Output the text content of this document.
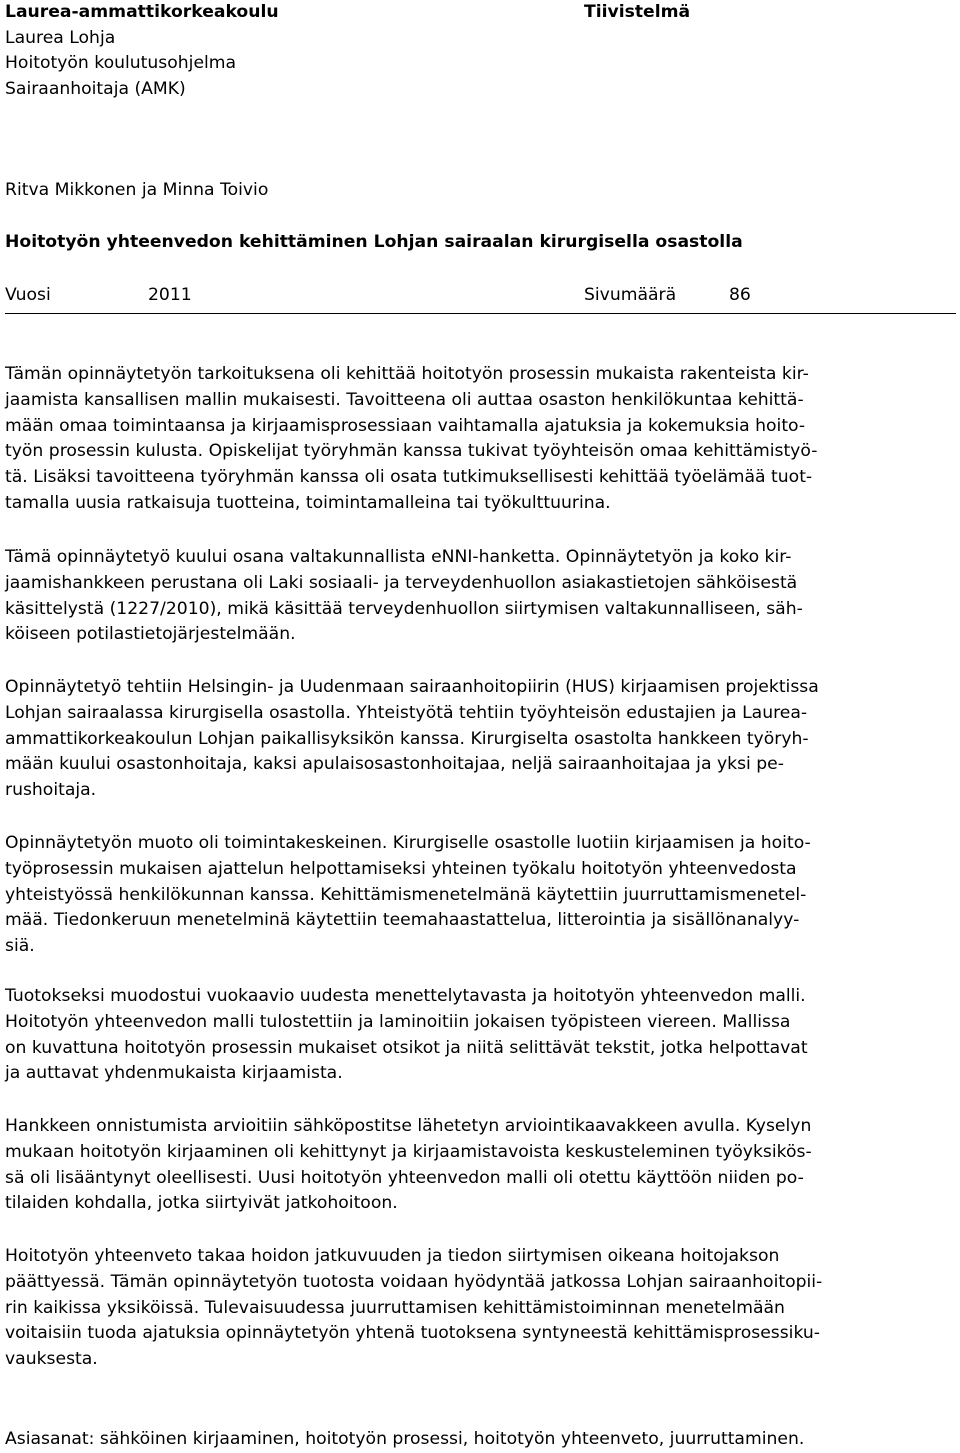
Laurea-ammattikorkeakoulu
Laurea Lohja
Hoitotyön koulutusohjelma
Sairaanhoitaja (AMK)
Tiivistelmä
Ritva Mikkonen ja Minna Toivio
Hoitotyön yhteenvedon kehittäminen Lohjan sairaalan kirurgisella osastolla
Vuosi	2011	Sivumäärä	86

Tämän opinnäytetyön tarkoituksena oli kehittää hoitotyön prosessin mukaista rakenteista kir-
jaamista kansallisen mallin mukaisesti. Tavoitteena oli auttaa osaston henkilökuntaa kehittä-
mään omaa toimintaansa ja kirjaamisprosessiaan vaihtamalla ajatuksia ja kokemuksia hoito-
työn prosessin kulusta. Opiskelijat työryhmän kanssa tukivat työyhteisön omaa kehittämistyö-
tä. Lisäksi tavoitteena työryhmän kanssa oli osata tutkimuksellisesti kehittää työelämää tuot-
tamalla uusia ratkaisuja tuotteina, toimintamalleina tai työkulttuurina.

Tämä opinnäytetyö kuului osana valtakunnallista eNNI-hanketta. Opinnäytetyön ja koko kir-
jaamishankkeen perustana oli Laki sosiaali- ja terveydenhuollon asiakastietojen sähköisestä
käsittelystä (1227/2010), mikä käsittää terveydenhuollon siirtymisen valtakunnalliseen, säh-
köiseen potilastietojärjestelmään.

Opinnäytetyö tehtiin Helsingin- ja Uudenmaan sairaanhoitopiirin (HUS) kirjaamisen projektissa
Lohjan sairaalassa kirurgisella osastolla. Yhteistyötä tehtiin työyhteisön edustajien ja Laurea-
ammattikorkeakoulun Lohjan paikallisyksikön kanssa. Kirurgiselta osastolta hankkeen työryh-
mään kuului osastonhoitaja, kaksi apulaisosastonhoitajaa, neljä sairaanhoitajaa ja yksi pe-
rushoitaja.

Opinnäytetyön muoto oli toimintakeskeinen. Kirurgiselle osastolle luotiin kirjaamisen ja hoito-
työprosessin mukaisen ajattelun helpottamiseksi yhteinen työkalu hoitotyön yhteenvedosta
yhteistyössä henkilökunnan kanssa. Kehittämismenetelmänä käytettiin juurruttamismenetel-
mää. Tiedonkeruun menetelminä käytettiin teemahaastattelua, litterointia ja sisällönanalyy-
siä.

Tuotokseksi muodostui vuokaavio uudesta menettelytavasta ja hoitotyön yhteenvedon malli.
Hoitotyön yhteenvedon malli tulostettiin ja laminoitiin jokaisen työpisteen viereen. Mallissa
on kuvattuna hoitotyön prosessin mukaiset otsikot ja niitä selittävät tekstit, jotka helpottavat
ja auttavat yhdenmukaista kirjaamista.

Hankkeen onnistumista arvioitiin sähköpostitse lähetetyn arviointikaavakkeen avulla. Kyselyn
mukaan hoitotyön kirjaaminen oli kehittynyt ja kirjaamistavoista keskusteleminen työyksikös-
sä oli lisääntynyt oleellisesti. Uusi hoitotyön yhteenvedon malli oli otettu käyttöön niiden po-
tilaiden kohdalla, jotka siirtyivät jatkohoitoon.

Hoitotyön yhteenveto takaa hoidon jatkuvuuden ja tiedon siirtymisen oikeana hoitojakson
päättyessä. Tämän opinnäytetyön tuotosta voidaan hyödyntää jatkossa Lohjan sairaanhoitopii-
rin kaikissa yksiköissä. Tulevaisuudessa juurruttamisen kehittämistoiminnan menetelmään
voitaisiin tuoda ajatuksia opinnäytetyön yhtenä tuotoksena syntyneestä kehittämisprosessiku-
vauksesta.

Asiasanat: sähköinen kirjaaminen, hoitotyön prosessi, hoitotyön yhteenveto, juurruttaminen.
